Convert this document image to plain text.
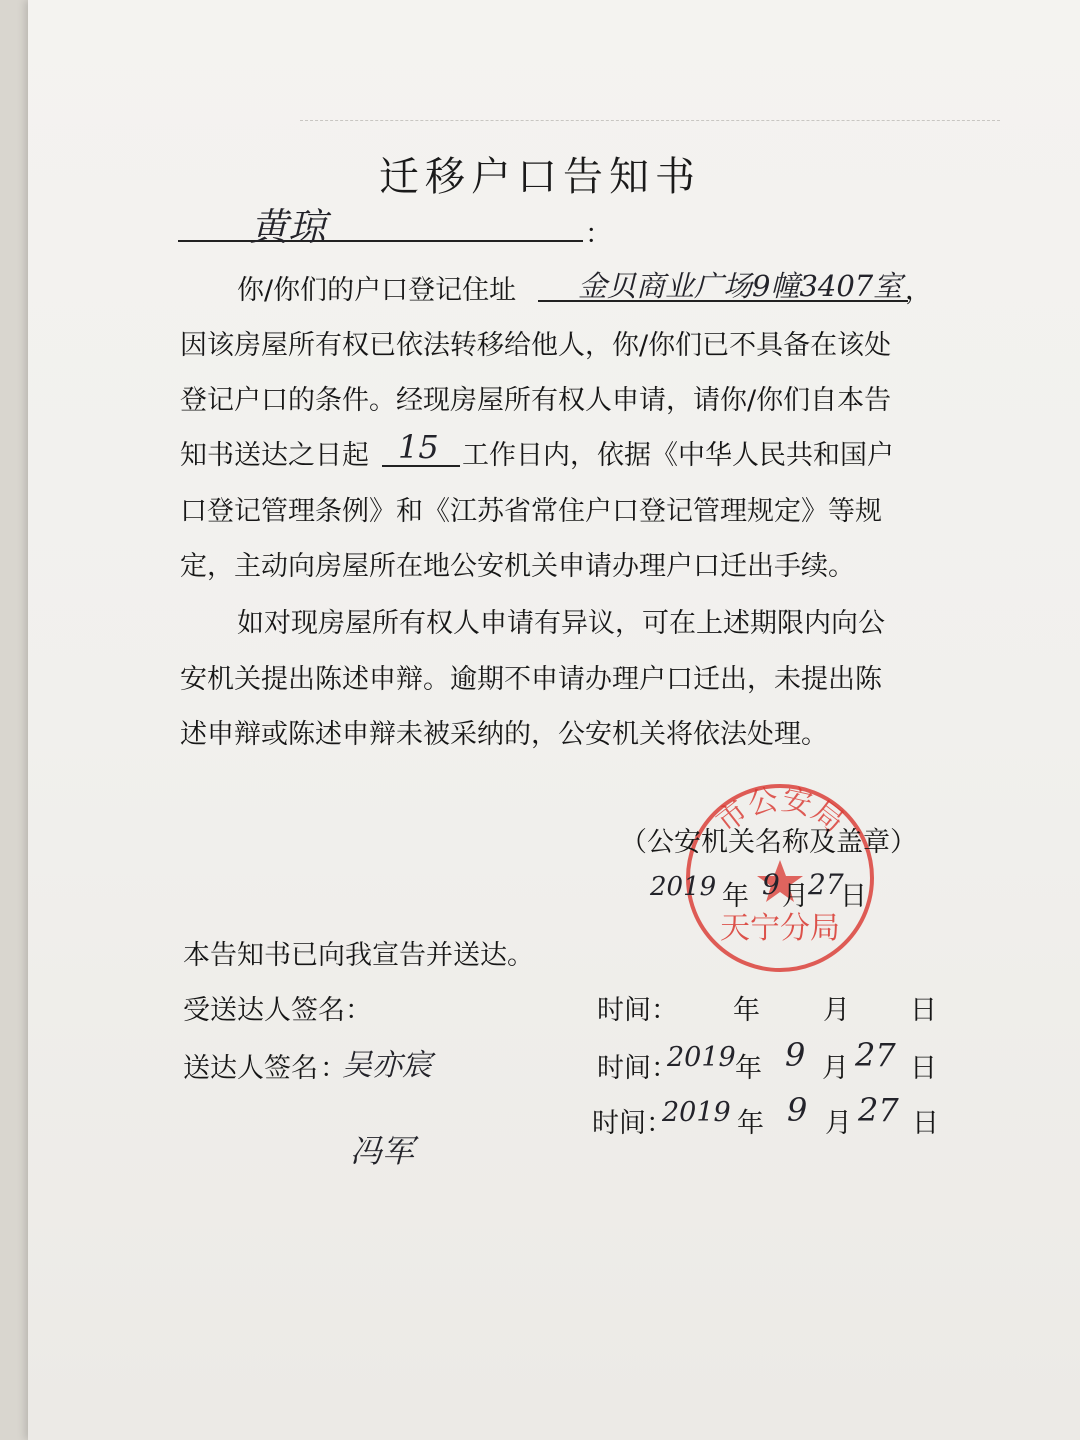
迁移户口告知书
黄琼	：
你/你们的户口登记住址 金贝商业广场9幢3407室 ，
因该房屋所有权已依法转移给他人，你/你们已不具备在该处
登记户口的条件。经现房屋所有权人申请，请你/你们自本告
知书送达之日起 15 工作日内，依据《中华人民共和国户
口登记管理条例》和《江苏省常住户口登记管理规定》等规
定，主动向房屋所在地公安机关申请办理户口迁出手续。
如对现房屋所有权人申请有异议，可在上述期限内向公
安机关提出陈述申辩。逾期不申请办理户口迁出，未提出陈
述申辩或陈述申辩未被采纳的，公安机关将依法处理。
市公安局
天宁分局
（公安机关名称及盖章）
2019 年 9 月 27
日
本告知书已向我宣告并送达。
受送达人签名：	时间： 年 月 日
送达人签名 ：
吴亦宸
冯军
时间：
2019 年 9 月 27 日
时间：
2019 年 9 月 27 日
